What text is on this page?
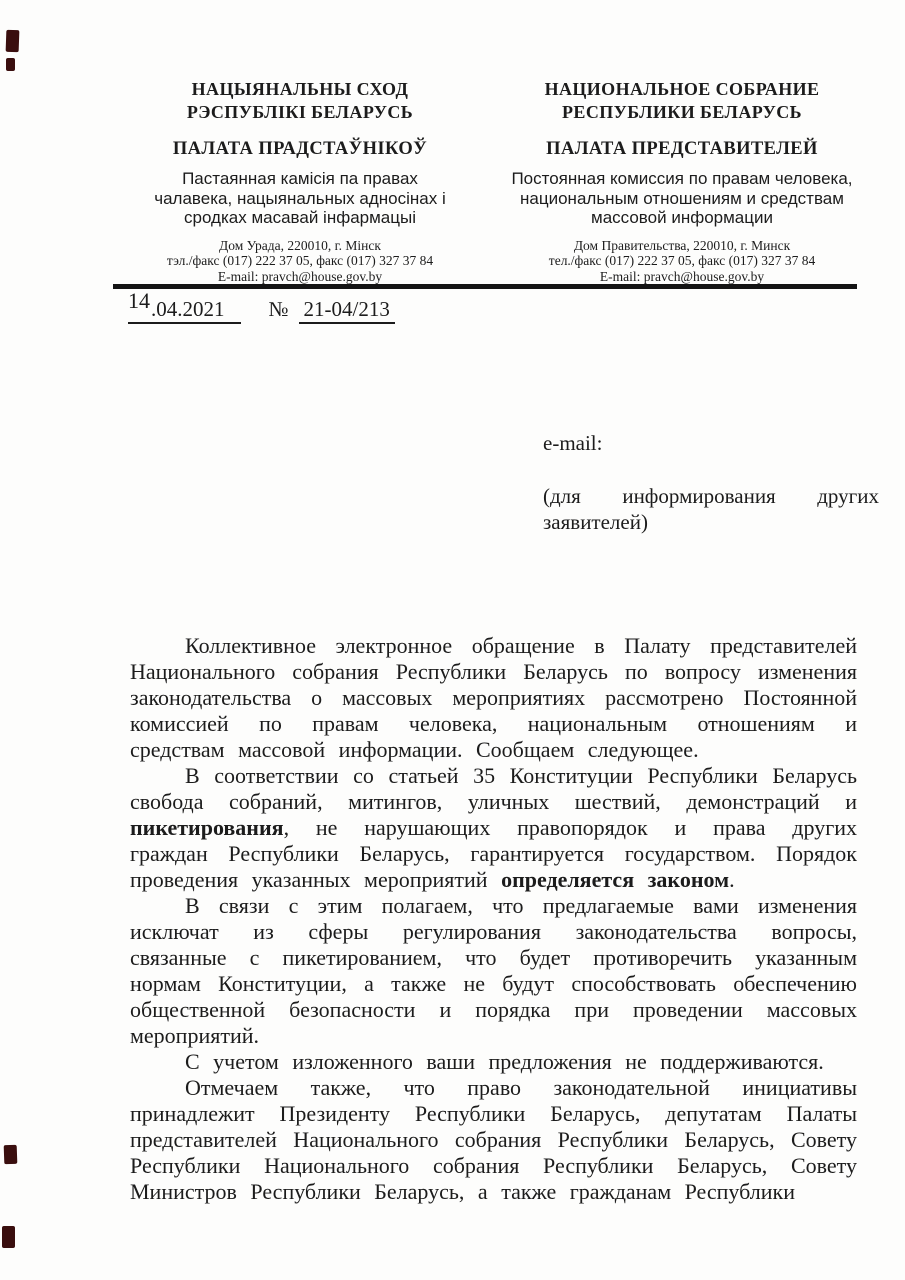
НАЦЫЯНАЛЬНЫ СХОД
РЭСПУБЛІКІ БЕЛАРУСЬ
ПАЛАТА ПРАДСТАЎНІКОЎ
Пастаянная камісія па правах
чалавека, нацыянальных адносінах і
сродках масавай інфармацыі
Дом Урада, 220010, г. Мінск
тэл./факс (017) 222 37 05, факс (017) 327 37 84
E-mail: pravch@house.gov.by
НАЦИОНАЛЬНОЕ СОБРАНИЕ
РЕСПУБЛИКИ БЕЛАРУСЬ
ПАЛАТА ПРЕДСТАВИТЕЛЕЙ
Постоянная комиссия по правам человека,
национальным отношениям и средствам
массовой информации
Дом Правительства, 220010, г. Минск
тел./факс (017) 222 37 05, факс (017) 327 37 84
E-mail: pravch@house.gov.by
14.04.2021 № 21-04/213
e-mail:
(для информирования других заявителей)

Коллективное электронное обращение в Палату представителей Национального собрания Республики Беларусь по вопросу изменения законодательства о массовых мероприятиях рассмотрено Постоянной комиссией по правам человека, национальным отношениям и средствам массовой информации. Сообщаем следующее.

В соответствии со статьей 35 Конституции Республики Беларусь свобода собраний, митингов, уличных шествий, демонстраций и пикетирования, не нарушающих правопорядок и права других граждан Республики Беларусь, гарантируется государством. Порядок проведения указанных мероприятий определяется законом.

В связи с этим полагаем, что предлагаемые вами изменения исключат из сферы регулирования законодательства вопросы, связанные с пикетированием, что будет противоречить указанным нормам Конституции, а также не будут способствовать обеспечению общественной безопасности и порядка при проведении массовых мероприятий.

С учетом изложенного ваши предложения не поддерживаются.

Отмечаем также, что право законодательной инициативы принадлежит Президенту Республики Беларусь, депутатам Палаты представителей Национального собрания Республики Беларусь, Совету Республики Национального собрания Республики Беларусь, Совету Министров Республики Беларусь, а также гражданам Республики
